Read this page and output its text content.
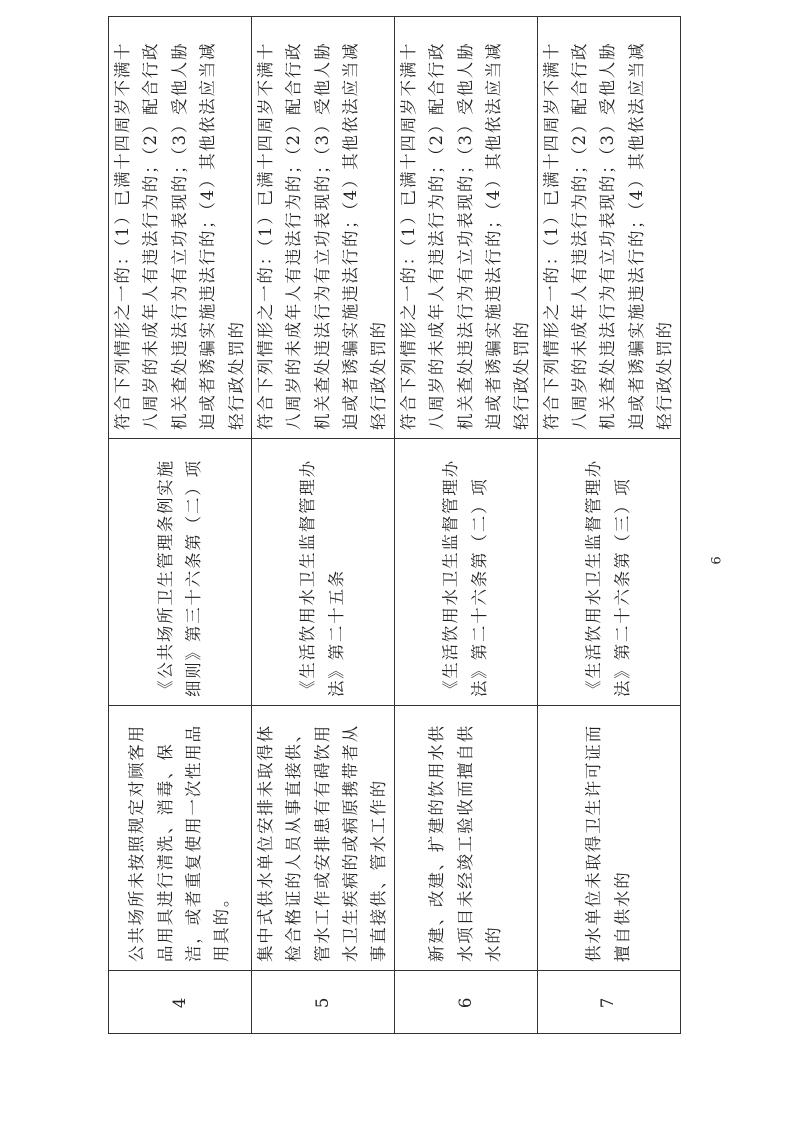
4	公共场所未按照规定对顾客用品用具进行清洗、消毒、保洁，或者重复使用一次性用品用具的。	《公共场所卫生管理条例实施细则》第三十六条第（二）项	符合下列情形之一的：（1）已满十四周岁不满十八周岁的未成年人有违法行为的；（2）配合行政机关查处违法行为有立功表现的；（3）受他人胁迫或者诱骗实施违法行的；（4）其他依法应当减轻行政处罚的
5	集中式供水单位安排未取得体检合格证的人员从事直接供、管水工作或安排患有有碍饮用水卫生疾病的或病原携带者从事直接供、管水工作的	《生活饮用水卫生监督管理办法》第二十五条	符合下列情形之一的：（1）已满十四周岁不满十八周岁的未成年人有违法行为的；（2）配合行政机关查处违法行为有立功表现的；（3）受他人胁迫或者诱骗实施违法行的；（4）其他依法应当减轻行政处罚的
6	新建、改建、扩建的饮用水供水项目未经竣工验收而擅自供水的	《生活饮用水卫生监督管理办法》第二十六条第（二）项	符合下列情形之一的：（1）已满十四周岁不满十八周岁的未成年人有违法行为的；（2）配合行政机关查处违法行为有立功表现的；（3）受他人胁迫或者诱骗实施违法行的；（4）其他依法应当减轻行政处罚的
7	供水单位未取得卫生许可证而擅自供水的	《生活饮用水卫生监督管理办法》第二十六条第（三）项	符合下列情形之一的：（1）已满十四周岁不满十八周岁的未成年人有违法行为的；（2）配合行政机关查处违法行为有立功表现的；（3）受他人胁迫或者诱骗实施违法行的；（4）其他依法应当减轻行政处罚的
6
